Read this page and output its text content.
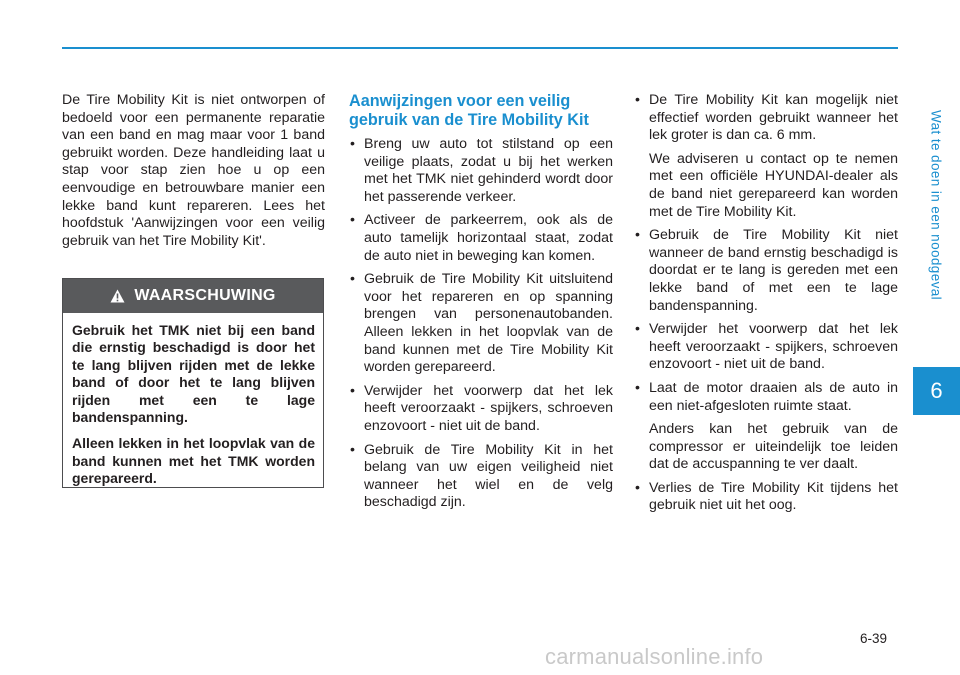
Wat te doen in een noodgeval
6

De Tire Mobility Kit is niet ontworpen of bedoeld voor een permanente reparatie van een band en mag maar voor 1 band gebruikt worden. Deze handleiding laat u stap voor stap zien hoe u op een eenvoudige en betrouwbare manier een lekke band kunt repareren. Lees het hoofdstuk 'Aanwijzingen voor een veilig gebruik van het Tire Mobility Kit'.

WAARSCHUWING

Gebruik het TMK niet bij een band die ernstig beschadigd is door het te lang blijven rijden met de lekke band of door het te lang blijven rijden met een te lage bandenspanning.

Alleen lekken in het loopvlak van de band kunnen met het TMK worden gerepareerd.

Aanwijzingen voor een veilig gebruik van de Tire Mobility Kit
• Breng uw auto tot stilstand op een veilige plaats, zodat u bij het werken met het TMK niet gehinderd wordt door het passerende verkeer.
• Activeer de parkeerrem, ook als de auto tamelijk horizontaal staat, zodat de auto niet in beweging kan komen.
• Gebruik de Tire Mobility Kit uitsluitend voor het repareren en op spanning brengen van personenautobanden. Alleen lekken in het loopvlak van de band kunnen met de Tire Mobility Kit worden gerepareerd.
• Verwijder het voorwerp dat het lek heeft veroorzaakt - spijkers, schroeven enzovoort - niet uit de band.
• Gebruik de Tire Mobility Kit in het belang van uw eigen veiligheid niet wanneer het wiel en de velg beschadigd zijn.

• De Tire Mobility Kit kan mogelijk niet effectief worden gebruikt wanneer het lek groter is dan ca. 6 mm.

We adviseren u contact op te nemen met een officiële HYUNDAI-dealer als de band niet gerepareerd kan worden met de Tire Mobility Kit.

• Gebruik de Tire Mobility Kit niet wanneer de band ernstig beschadigd is doordat er te lang is gereden met een lekke band of met een te lage bandenspanning.

• Verwijder het voorwerp dat het lek heeft veroorzaakt - spijkers, schroeven enzovoort - niet uit de band.

• Laat de motor draaien als de auto in een niet-afgesloten ruimte staat.

Anders kan het gebruik van de compressor er uiteindelijk toe leiden dat de accuspanning te ver daalt.

• Verlies de Tire Mobility Kit tijdens het gebruik niet uit het oog.

6-39
carmanualsonline.info
